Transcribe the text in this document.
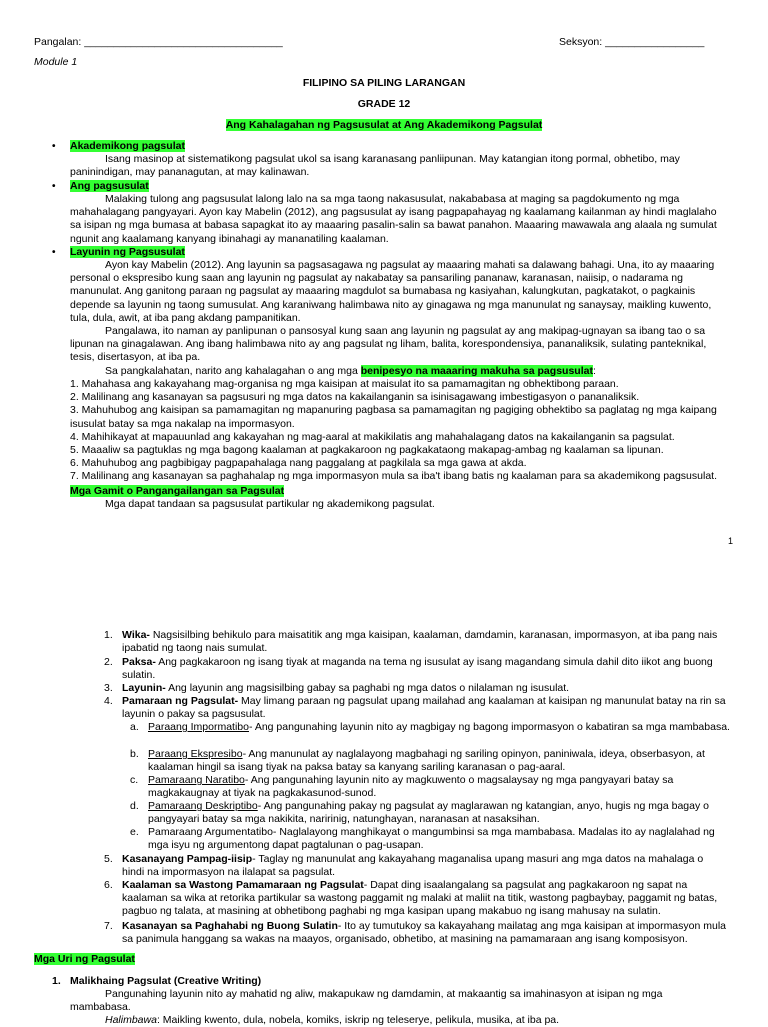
Pangalan: __________________________________	Seksyon: _________________
Module 1
FILIPINO SA PILING LARANGAN
GRADE 12
Ang Kahalagahan ng Pagsusulat at Ang Akademikong Pagsulat
• Akademikong pagsulat
Isang masinop at sistematikong pagsulat ukol sa isang karanasang panliipunan. May katangian itong pormal, obhetibo, may paninindigan, may pananagutan, at may kalinawan.
• Ang pagsusulat
Malaking tulong ang pagsusulat lalong lalo na sa mga taong nakasusulat, nakababasa at maging sa pagdokumento ng mga mahahalagang pangyayari. Ayon kay Mabelin (2012), ang pagsusulat ay isang pagpapahayag ng kaalamang kailanman ay hindi maglalaho sa isipan ng mga bumasa at babasa sapagkat ito ay maaaring pasalin-salin sa bawat panahon. Maaaring mawawala ang alaala ng sumulat ngunit ang kaalamang kanyang ibinahagi ay mananatiling kaalaman.
• Layunin ng Pagsusulat
Ayon kay Mabelin (2012). Ang layunin sa pagsasagawa ng pagsulat ay maaaring mahati sa dalawang bahagi. Una, ito ay maaaring personal o ekspresibo kung saan ang layunin ng pagsulat ay nakabatay sa pansariling pananaw, karanasan, naiisip, o nadarama ng manunulat. Ang ganitong paraan ng pagsulat ay maaaring magdulot sa bumabasa ng kasiyahan, kalungkutan, pagkatakot, o pagkainis depende sa layunin ng taong sumusulat. Ang karaniwang halimbawa nito ay ginagawa ng mga manunulat ng sanaysay, maikling kuwento, tula, dula, awit, at iba pang akdang pampanitikan.
Pangalawa, ito naman ay panlipunan o pansosyal kung saan ang layunin ng pagsulat ay ang makipag-ugnayan sa ibang tao o sa lipunan na ginagalawan. Ang ibang halimbawa nito ay ang pagsulat ng liham, balita, korespondensiya, pananaliksik, sulating panteknikal, tesis, disertasyon, at iba pa.
Sa pangkalahatan, narito ang kahalagahan o ang mga benipesyo na maaaring makuha sa pagsusulat:
1. Mahahasa ang kakayahang mag-organisa ng mga kaisipan at maisulat ito sa pamamagitan ng obhektibong paraan.
2. Malilinang ang kasanayan sa pagsusuri ng mga datos na kakailanganin sa isinisagawang imbestigasyon o pananaliksik.
3. Mahuhubog ang kaisipan sa pamamagitan ng mapanuring pagbasa sa pamamagitan ng pagiging obhektibo sa paglatag ng mga kaipang isusulat batay sa mga nakalap na impormasyon.
4. Mahihikayat at mapauunlad ang kakayahan ng mag-aaral at makikilatis ang mahahalagang datos na kakailanganin sa pagsulat.
5. Maaaliw sa pagtuklas ng mga bagong kaalaman at pagkakaroon ng pagkakataong makapag-ambag ng kaalaman sa lipunan.
6. Mahuhubog ang pagbibigay pagpapahalaga nang paggalang at pagkilala sa mga gawa at akda.
7. Malilinang ang kasanayan sa paghahalap ng mga impormasyon mula sa iba't ibang batis ng kaalaman para sa akademikong pagsusulat.
Mga Gamit o Pangangailangan sa Pagsulat
Mga dapat tandaan sa pagsusulat partikular ng akademikong pagsulat.
1
1. Wika- Nagsisilbing behikulo para maisatitik ang mga kaisipan, kaalaman, damdamin, karanasan, impormasyon, at iba pang nais ipabatid ng taong nais sumulat.
2. Paksa- Ang pagkakaroon ng isang tiyak at maganda na tema ng isusulat ay isang magandang simula dahil dito iikot ang buong sulatin.
3. Layunin- Ang layunin ang magsisilbing gabay sa paghabi ng mga datos o nilalaman ng isusulat.
4. Pamaraan ng Pagsulat- May limang paraan ng pagsulat upang mailahad ang kaalaman at kaisipan ng manunulat batay na rin sa layunin o pakay sa pagsusulat.
a. Paraang Impormatibo- Ang pangunahing layunin nito ay magbigay ng bagong impormasyon o kabatiran sa mga mambabasa.
b. Paraang Ekspresibo- Ang manunulat ay naglalayong magbahagi ng sariling opinyon, paniniwala, ideya, obserbasyon, at kaalaman hingil sa isang tiyak na paksa batay sa kanyang sariling karanasan o pag-aaral.
c. Pamaraang Naratibo- Ang pangunahing layunin nito ay magkuwento o magsalaysay ng mga pangyayari batay sa magkakaugnay at tiyak na pagkakasunod-sunod.
d. Pamaraang Deskriptibo- Ang pangunahing pakay ng pagsulat ay maglarawan ng katangian, anyo, hugis ng mga bagay o pangyayari batay sa mga nakikita, naririnig, natunghayan, naranasan at nasaksihan.
e. Pamaraang Argumentatibo- Naglalayong manghikayat o mangumbinsi sa mga mambabasa. Madalas ito ay naglalahad ng mga isyu ng argumentong dapat pagtalunan o pag-usapan.
5. Kasanayang Pampag-iisip- Taglay ng manunulat ang kakayahang maganalisa upang masuri ang mga datos na mahalaga o hindi na impormasyon na ilalapat sa pagsulat.
6. Kaalaman sa Wastong Pamamaraan ng Pagsulat- Dapat ding isaalangalang sa pagsulat ang pagkakaroon ng sapat na kaalaman sa wika at retorika partikular sa wastong paggamit ng malaki at maliit na titik, wastong pagbaybay, paggamit ng batas, pagbuo ng talata, at masining at obhetibong paghabi ng mga kasipan upang makabuo ng isang mahusay na sulatin.
7. Kasanayan sa Paghahabi ng Buong Sulatin- Ito ay tumutukoy sa kakayahang mailatag ang mga kaisipan at impormasyon mula sa panimula hanggang sa wakas na maayos, organisado, obhetibo, at masining na pamamaraan ang isang komposisyon.
Mga Uri ng Pagsulat
1. Malikhaing Pagsulat (Creative Writing)
Pangunahing layunin nito ay mahatid ng aliw, makapukaw ng damdamin, at makaantig sa imahinasyon at isipan ng mga mambabasa.
Halimbawa: Maikling kwento, dula, nobela, komiks, iskrip ng teleserye, pelikula, musika, at iba pa.
